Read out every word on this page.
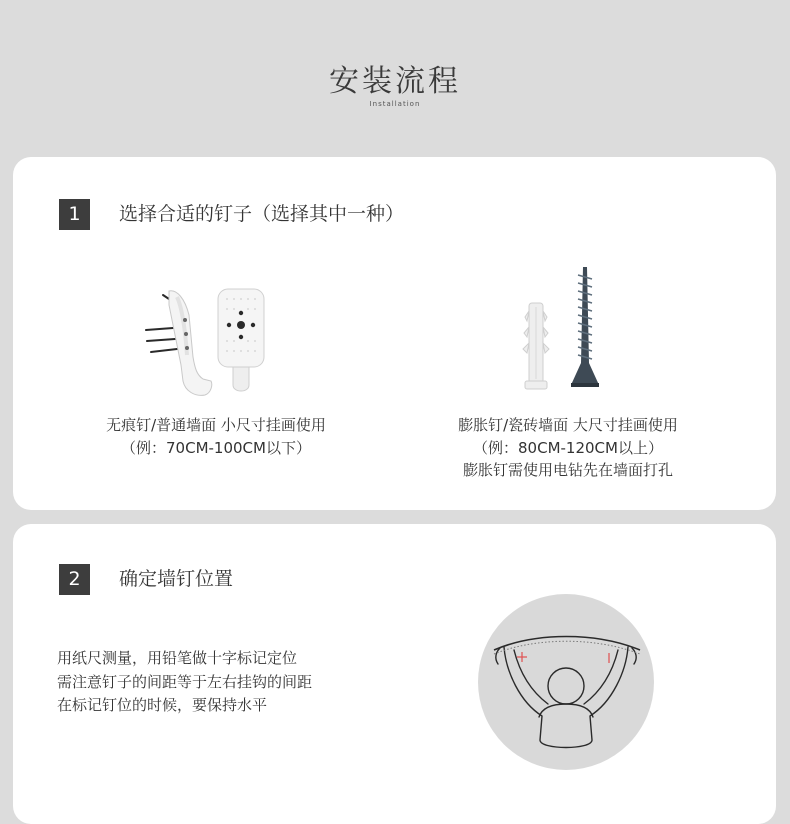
安装流程
Installation
1	选择合适的钉子（选择其中一种）
无痕钉/普通墙面 小尺寸挂画使用
（例：70CM-100CM以下）
膨胀钉/瓷砖墙面 大尺寸挂画使用
（例：80CM-120CM以上）
膨胀钉需使用电钻先在墙面打孔
2	确定墙钉位置
用纸尺测量，用铅笔做十字标记定位
需注意钉子的间距等于左右挂钩的间距
在标记钉位的时候，要保持水平
